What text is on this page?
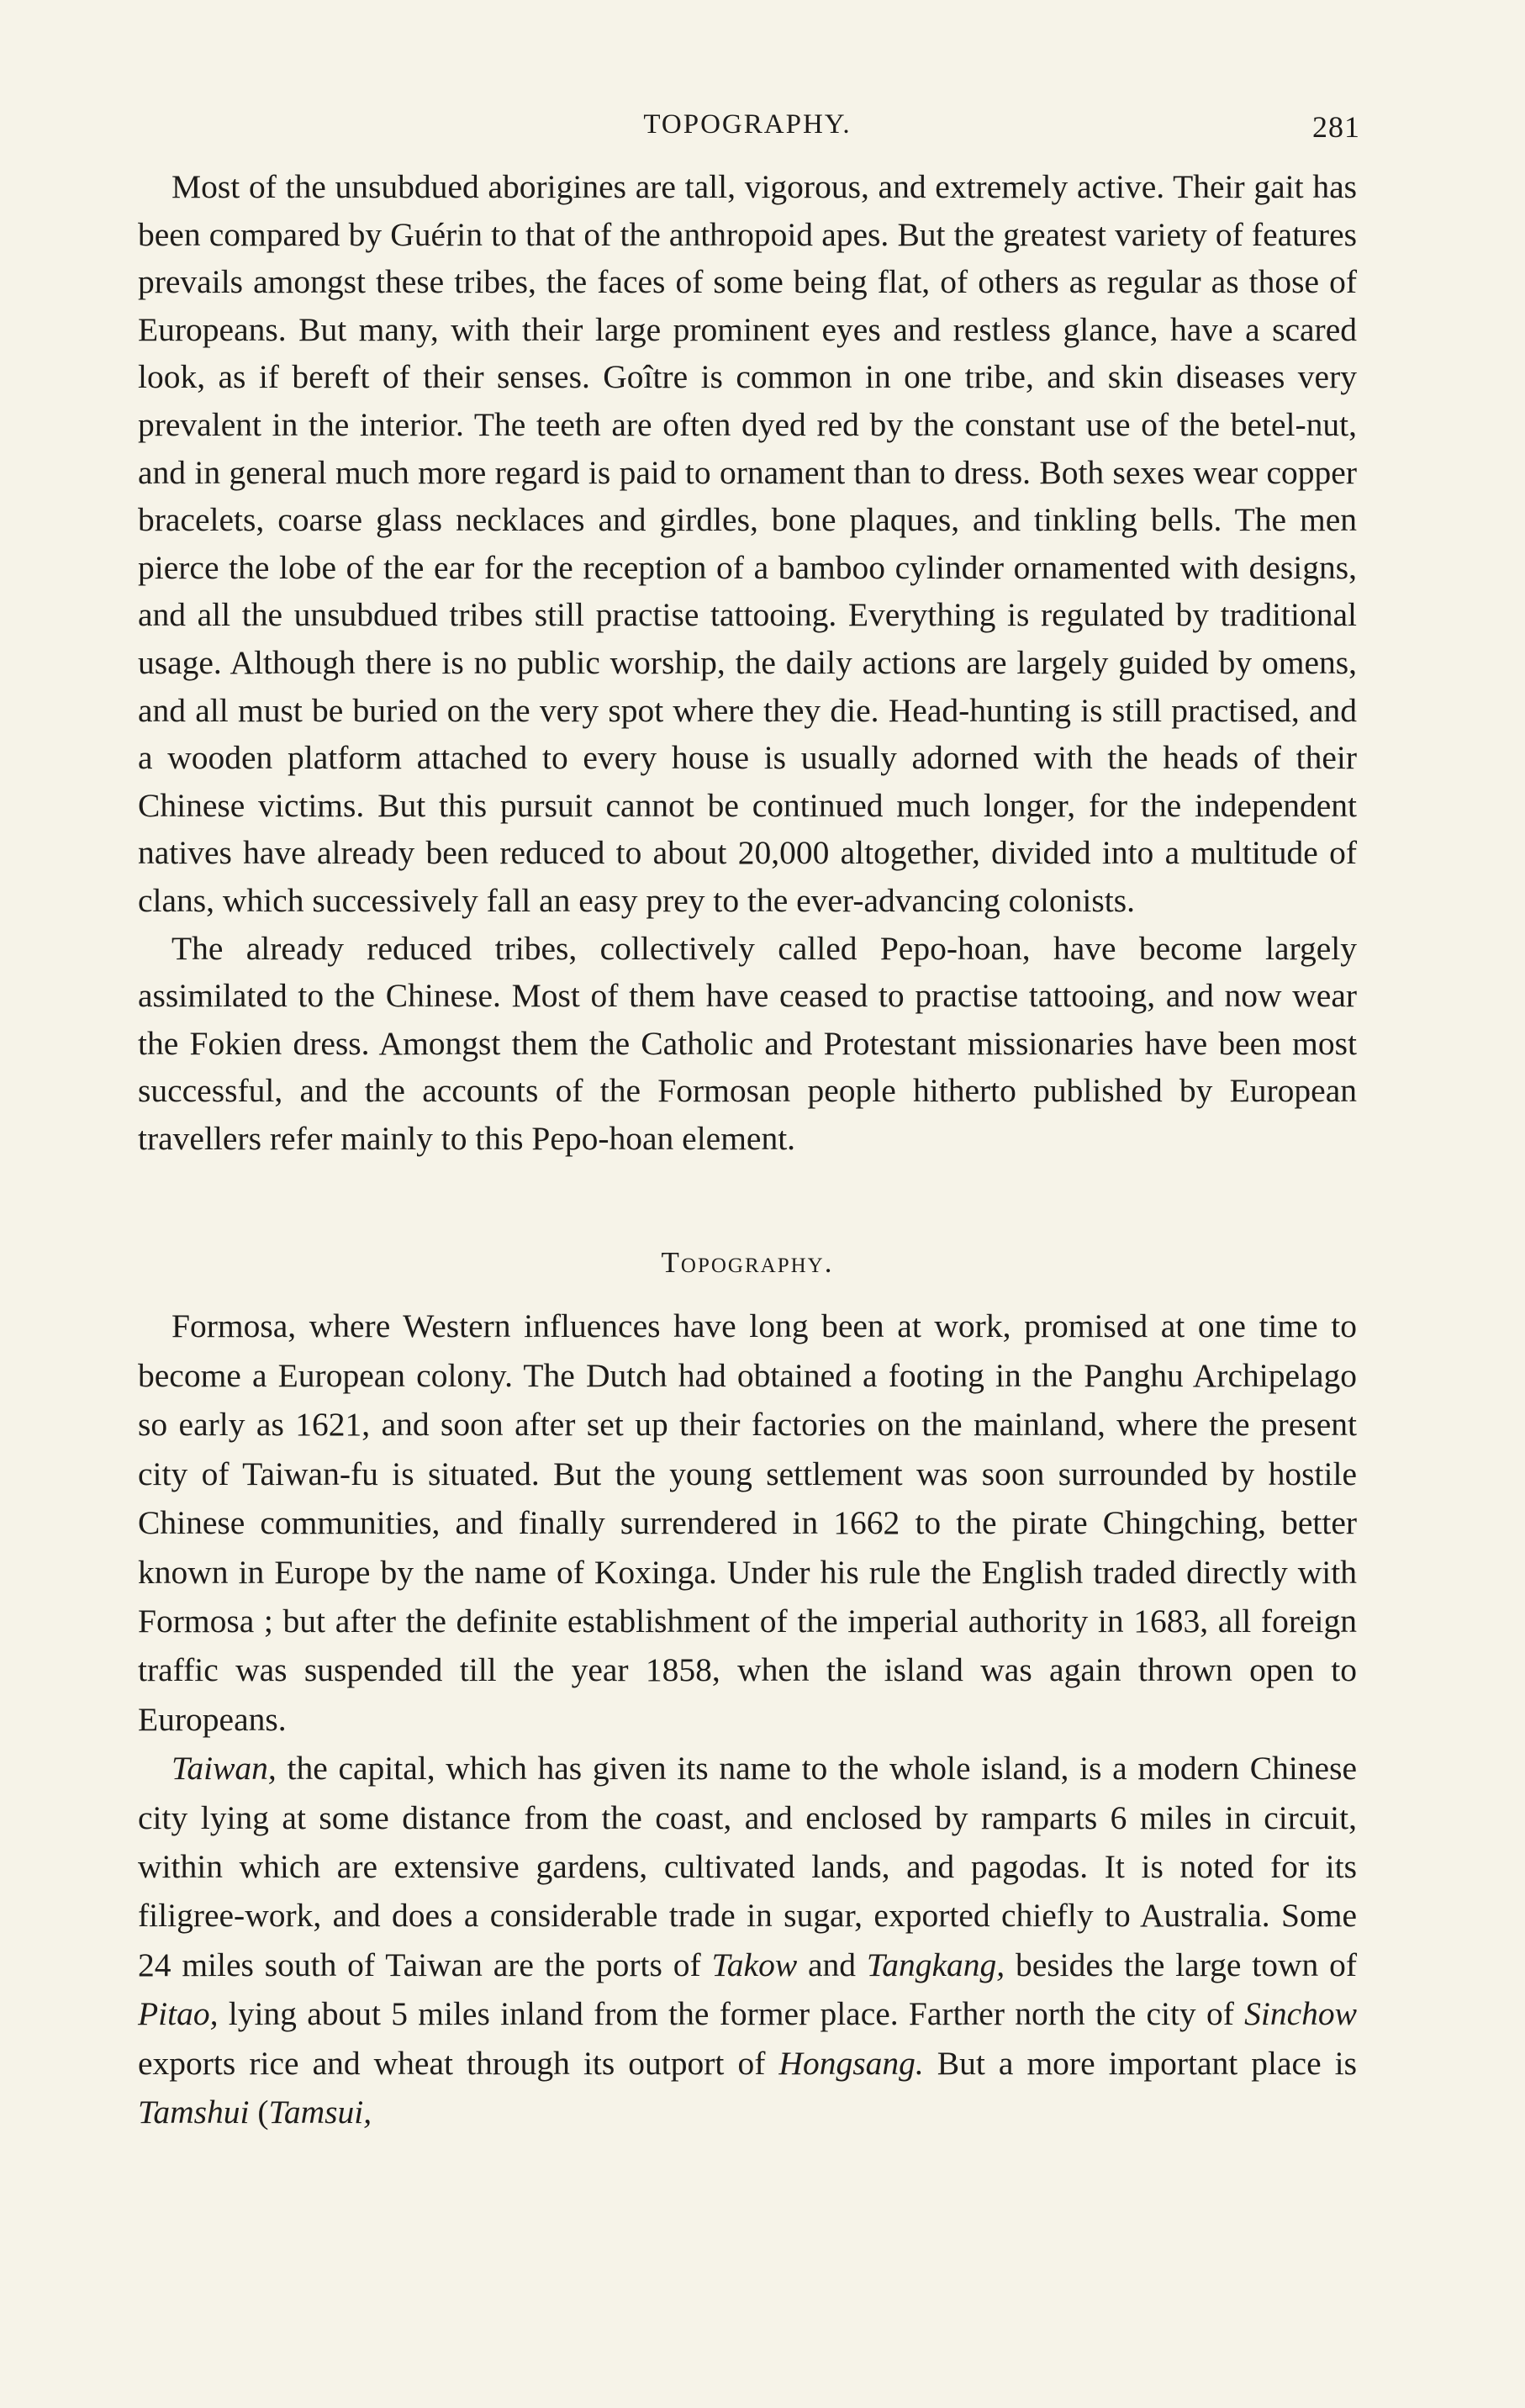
TOPOGRAPHY.	281

Most of the unsubdued aborigines are tall, vigorous, and extremely active. Their gait has been compared by Guérin to that of the anthropoid apes. But the greatest variety of features prevails amongst these tribes, the faces of some being flat, of others as regular as those of Europeans. But many, with their large prominent eyes and restless glance, have a scared look, as if bereft of their senses. Goître is common in one tribe, and skin diseases very prevalent in the interior. The teeth are often dyed red by the constant use of the betel-nut, and in general much more regard is paid to ornament than to dress. Both sexes wear copper bracelets, coarse glass necklaces and girdles, bone plaques, and tinkling bells. The men pierce the lobe of the ear for the reception of a bamboo cylinder ornamented with designs, and all the unsubdued tribes still practise tattooing. Everything is regulated by traditional usage. Although there is no public worship, the daily actions are largely guided by omens, and all must be buried on the very spot where they die. Head-hunting is still practised, and a wooden platform attached to every house is usually adorned with the heads of their Chinese victims. But this pursuit cannot be continued much longer, for the independent natives have already been reduced to about 20,000 altogether, divided into a multitude of clans, which successively fall an easy prey to the ever-advancing colonists.

The already reduced tribes, collectively called Pepo-hoan, have become largely assimilated to the Chinese. Most of them have ceased to practise tattooing, and now wear the Fokien dress. Amongst them the Catholic and Protestant missionaries have been most successful, and the accounts of the Formosan people hitherto published by European travellers refer mainly to this Pepo-hoan element.

Topography.

Formosa, where Western influences have long been at work, promised at one time to become a European colony. The Dutch had obtained a footing in the Panghu Archipelago so early as 1621, and soon after set up their factories on the mainland, where the present city of Taiwan-fu is situated. But the young settlement was soon surrounded by hostile Chinese communities, and finally surrendered in 1662 to the pirate Chingching, better known in Europe by the name of Koxinga. Under his rule the English traded directly with Formosa ; but after the definite establishment of the imperial authority in 1683, all foreign traffic was suspended till the year 1858, when the island was again thrown open to Europeans.

Taiwan, the capital, which has given its name to the whole island, is a modern Chinese city lying at some distance from the coast, and enclosed by ramparts 6 miles in circuit, within which are extensive gardens, cultivated lands, and pagodas. It is noted for its filigree-work, and does a considerable trade in sugar, exported chiefly to Australia. Some 24 miles south of Taiwan are the ports of Takow and Tangkang, besides the large town of Pitao, lying about 5 miles inland from the former place. Farther north the city of Sinchow exports rice and wheat through its outport of Hongsang. But a more important place is Tamshui (Tamsui,
